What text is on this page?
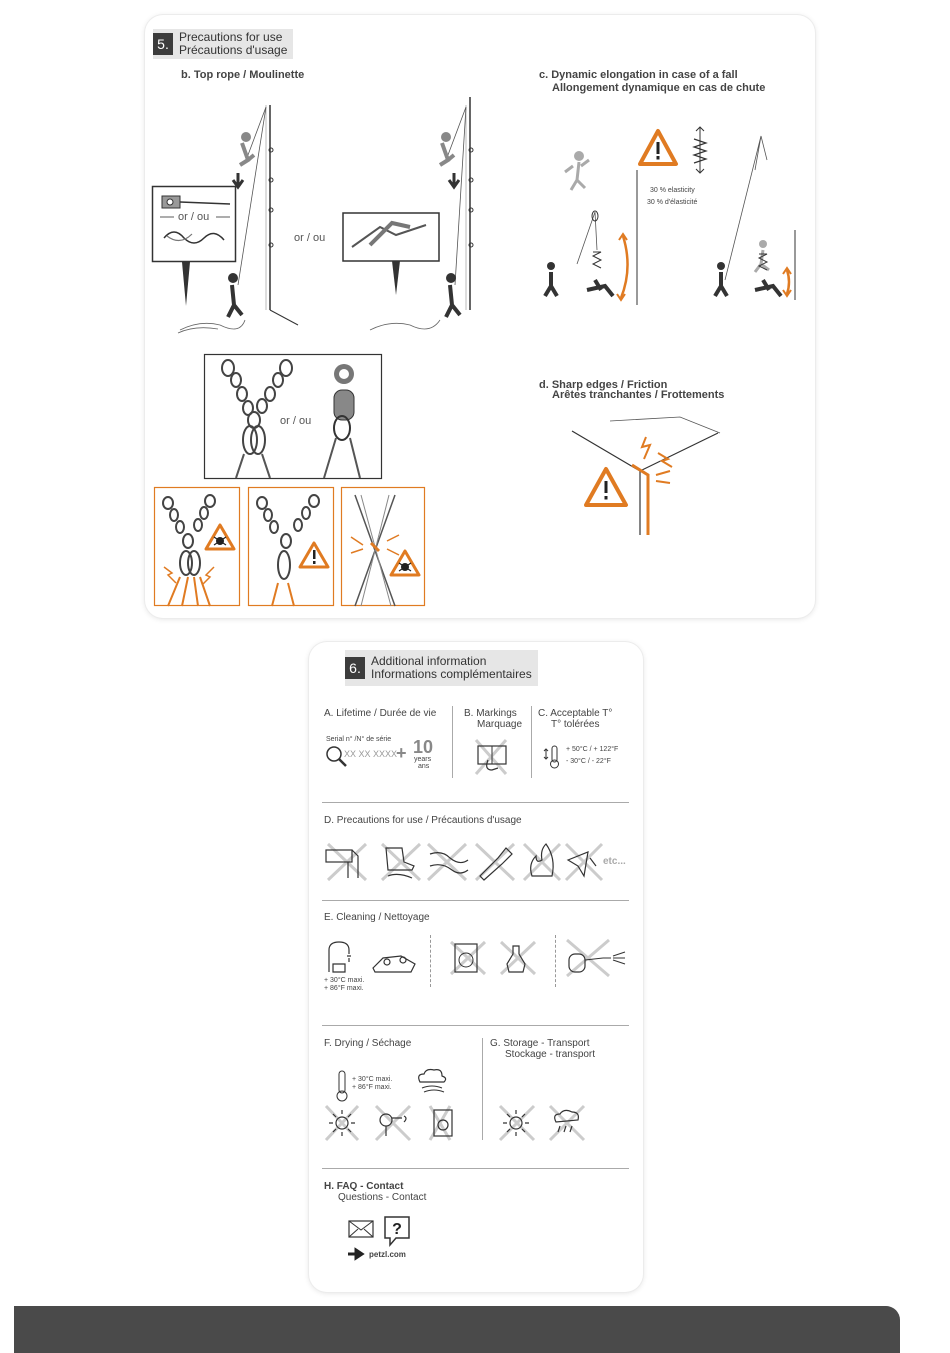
5. Precautions for use
Précautions d'usage
b. Top rope / Moulinette
or / ou
or / ou
or / ou
c. Dynamic elongation in case of a fall
Allongement dynamique en cas de chute
30 % elasticity
30 % d'élasticité
d. Sharp edges / Friction
Arêtes tranchantes / Frottements
6. Additional information
Informations complémentaires
A. Lifetime / Durée de vie
Serial n° /N° de série
XX XX XXXX
+ 10
years
ans
B. Markings
Marquage
C. Acceptable T°
T° tolérées
+ 50°C / + 122°F
- 30°C / - 22°F
D. Precautions for use / Précautions d'usage
etc...
E. Cleaning / Nettoyage
+ 30°C maxi.
+ 86°F maxi.
F. Drying / Séchage
+ 30°C maxi.
+ 86°F maxi.
G. Storage - Transport
Stockage - transport
H. FAQ - Contact
Questions - Contact
?
petzl.com
